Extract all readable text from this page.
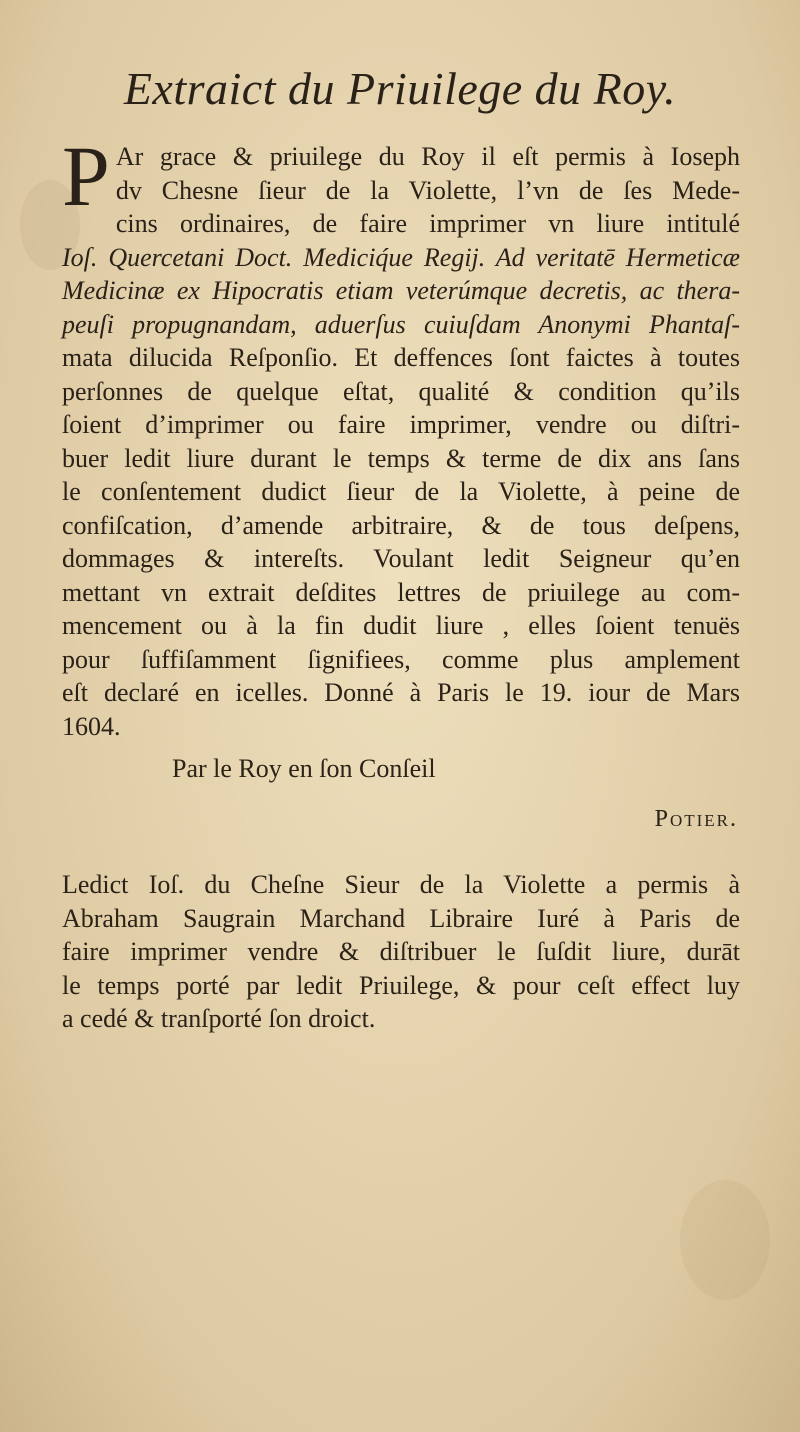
Extraict du Priuilege du Roy.
P Ar grace & priuilege du Roy il eſt permis à Ioseph
dv Chesne ſieur de la Violette, l’vn de ſes Mede-
cins ordinaires, de faire imprimer vn liure intitulé
Ioſ. Quercetani Doct. Mediciq́ue Regij. Ad veritatē Hermeticæ
Medicinæ ex Hipocratis etiam veterúmque decretis, ac thera-
peuſi propugnandam, aduerſus cuiuſdam Anonymi Phantaſ-
mata dilucida Reſponſio. Et deffences ſont faictes à toutes
perſonnes de quelque eſtat, qualité & condition qu’ils
ſoient d’imprimer ou faire imprimer, vendre ou diſtri-
buer ledit liure durant le temps & terme de dix ans ſans
le conſentement dudict ſieur de la Violette, à peine de
confiſcation, d’amende arbitraire, & de tous deſpens,
dommages & intereſts. Voulant ledit Seigneur qu’en
mettant vn extrait deſdites lettres de priuilege au com-
mencement ou à la fin dudit liure , elles ſoient tenuës
pour ſuffiſamment ſignifiees, comme plus amplement
eſt declaré en icelles. Donné à Paris le 19. iour de Mars
1604.
Par le Roy en ſon Conſeil
Potier.
Ledict Ioſ. du Cheſne Sieur de la Violette a permis à
Abraham Saugrain Marchand Libraire Iuré à Paris de
faire imprimer vendre & diſtribuer le ſuſdit liure, durāt
le temps porté par ledit Priuilege, & pour ceſt effect luy
a cedé & tranſporté ſon droict.
